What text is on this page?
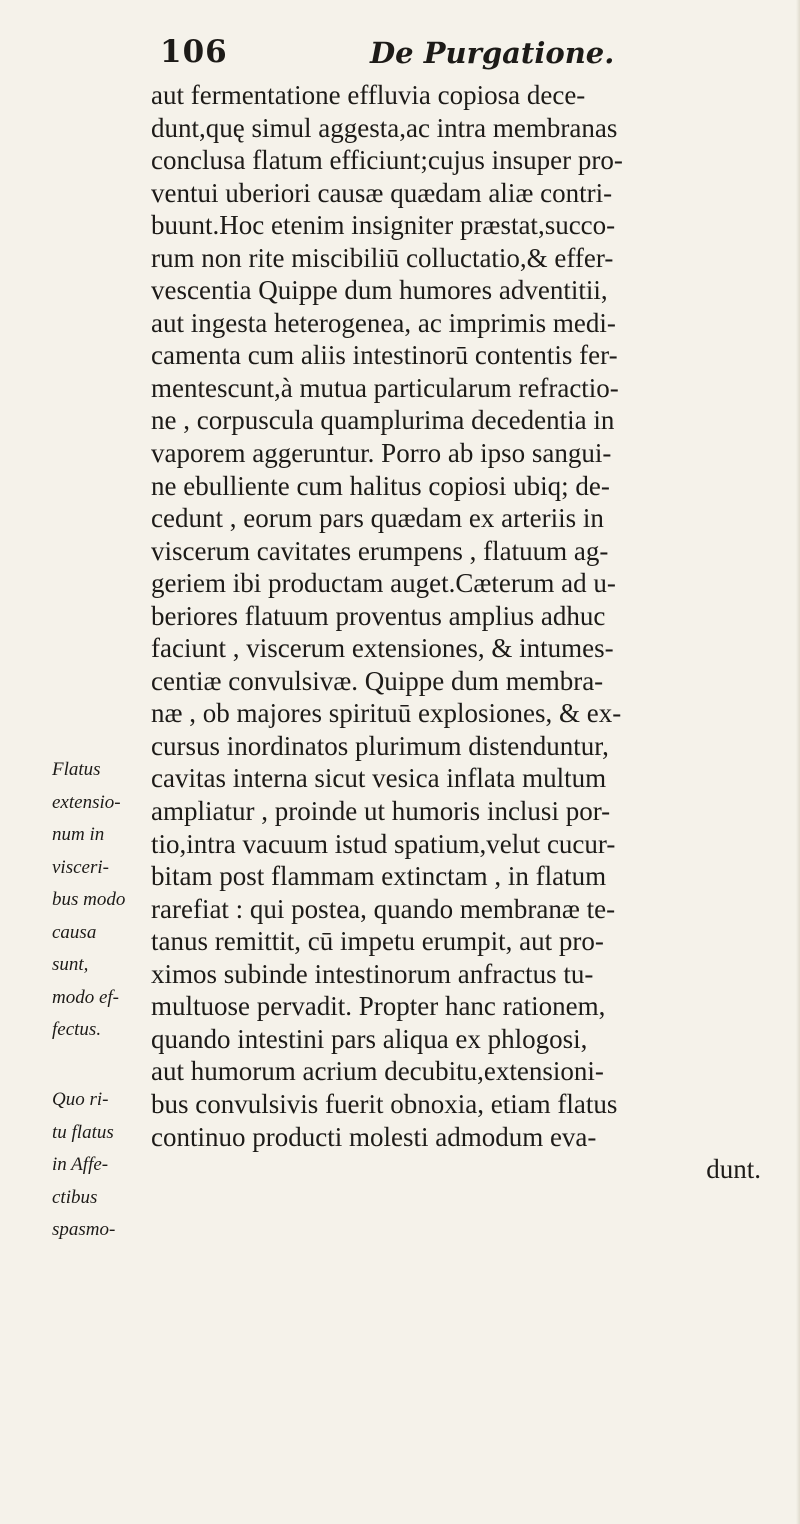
106	De Purgatione.
aut fermentatione effluvia copiosa dece-
dunt,quę simul aggesta,ac intra membranas
conclusa flatum efficiunt;cujus insuper pro-
ventui uberiori causæ quædam aliæ contri-
buunt.Hoc etenim insigniter præstat,succo-
rum non rite miscibiliū colluctatio,& effer-
vescentia Quippe dum humores adventitii,
aut ingesta heterogenea, ac imprimis medi-
camenta cum aliis intestinorū contentis fer-
mentescunt,à mutua particularum refractio-
ne , corpuscula quamplurima decedentia in
vaporem aggeruntur. Porro ab ipso sangui-
ne ebulliente cum halitus copiosi ubiq; de-
cedunt , eorum pars quædam ex arteriis in
viscerum cavitates erumpens , flatuum ag-
geriem ibi productam auget.Cæterum ad u-
beriores flatuum proventus amplius adhuc
faciunt , viscerum extensiones, & intumes-
centiæ convulsivæ. Quippe dum membra-
næ , ob majores spirituū explosiones, & ex-
cursus inordinatos plurimum distenduntur,
cavitas interna sicut vesica inflata multum
ampliatur , proinde ut humoris inclusi por-
tio,intra vacuum istud spatium,velut cucur-
bitam post flammam extinctam , in flatum
rarefiat : qui postea, quando membranæ te-
tanus remittit, cū impetu erumpit, aut pro-
ximos subinde intestinorum anfractus tu-
multuose pervadit. Propter hanc rationem,
quando intestini pars aliqua ex phlogosi,
aut humorum acrium decubitu,extensioni-
bus convulsivis fuerit obnoxia, etiam flatus
continuo producti molesti admodum eva-
dunt.
Flatus
extensio-
num in
visceri-
bus modo
causa
sunt,
modo ef-
fectus.
Quo ri-
tu flatus
in Affe-
ctibus
spasmo-
